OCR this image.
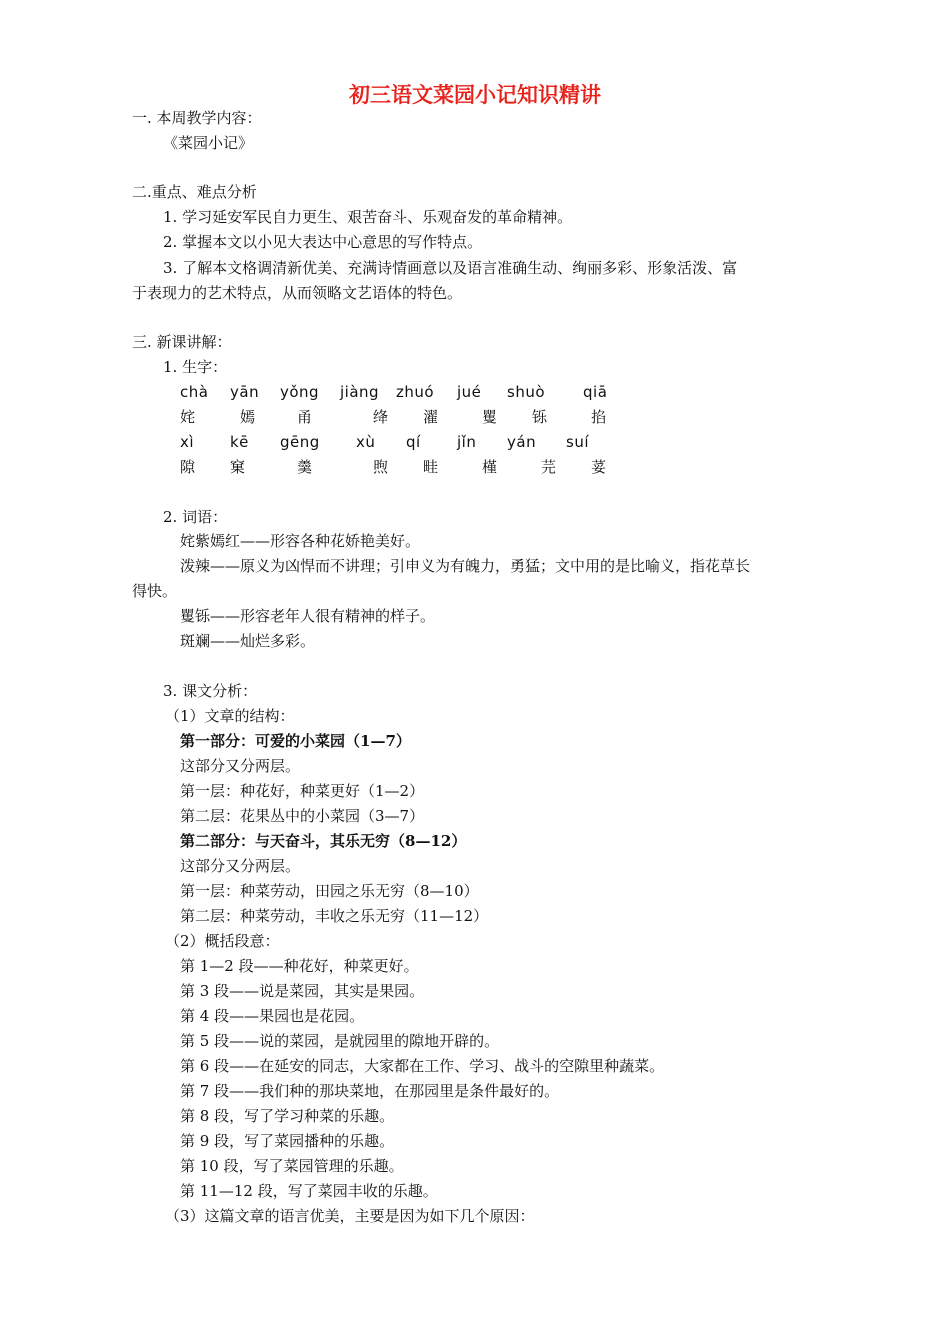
初三语文菜园小记知识精讲
一. 本周教学内容：
《菜园小记》
二.重点、难点分析
1. 学习延安军民自力更生、艰苦奋斗、乐观奋发的革命精神。
2. 掌握本文以小见大表达中心意思的写作特点。
3. 了解本文格调清新优美、充满诗情画意以及语言准确生动、绚丽多彩、形象活泼、富
于表现力的艺术特点，从而领略文艺语体的特色。
三. 新课讲解：
1. 生字：
chà yān yǒng jiàng zhuó jué shuò	qiā
姹	嫣	甬	绛 濯	矍 铄	掐
xì kē gēng xù qí jǐn yán suí
隙 窠	羹	煦 畦	槿	芫 荽
2. 词语：
姹紫嫣红——形容各种花娇艳美好。
泼辣——原义为凶悍而不讲理；引申义为有魄力，勇猛；文中用的是比喻义，指花草长
得快。
矍铄——形容老年人很有精神的样子。
斑斓——灿烂多彩。
3. 课文分析：
（1）文章的结构：
第一部分：可爱的小菜园（1—7）
这部分又分两层。
第一层：种花好，种菜更好（1—2）
第二层：花果丛中的小菜园（3—7）
第二部分：与天奋斗，其乐无穷（8—12）
这部分又分两层。
第一层：种菜劳动，田园之乐无穷（8—10）
第二层：种菜劳动，丰收之乐无穷（11—12）
（2）概括段意：
第 1—2 段——种花好，种菜更好。
第 3 段——说是菜园，其实是果园。
第 4 段——果园也是花园。
第 5 段——说的菜园，是就园里的隙地开辟的。
第 6 段——在延安的同志，大家都在工作、学习、战斗的空隙里种蔬菜。
第 7 段——我们种的那块菜地，在那园里是条件最好的。
第 8 段，写了学习种菜的乐趣。
第 9 段，写了菜园播种的乐趣。
第 10 段，写了菜园管理的乐趣。
第 11—12 段，写了菜园丰收的乐趣。
（3）这篇文章的语言优美，主要是因为如下几个原因：
